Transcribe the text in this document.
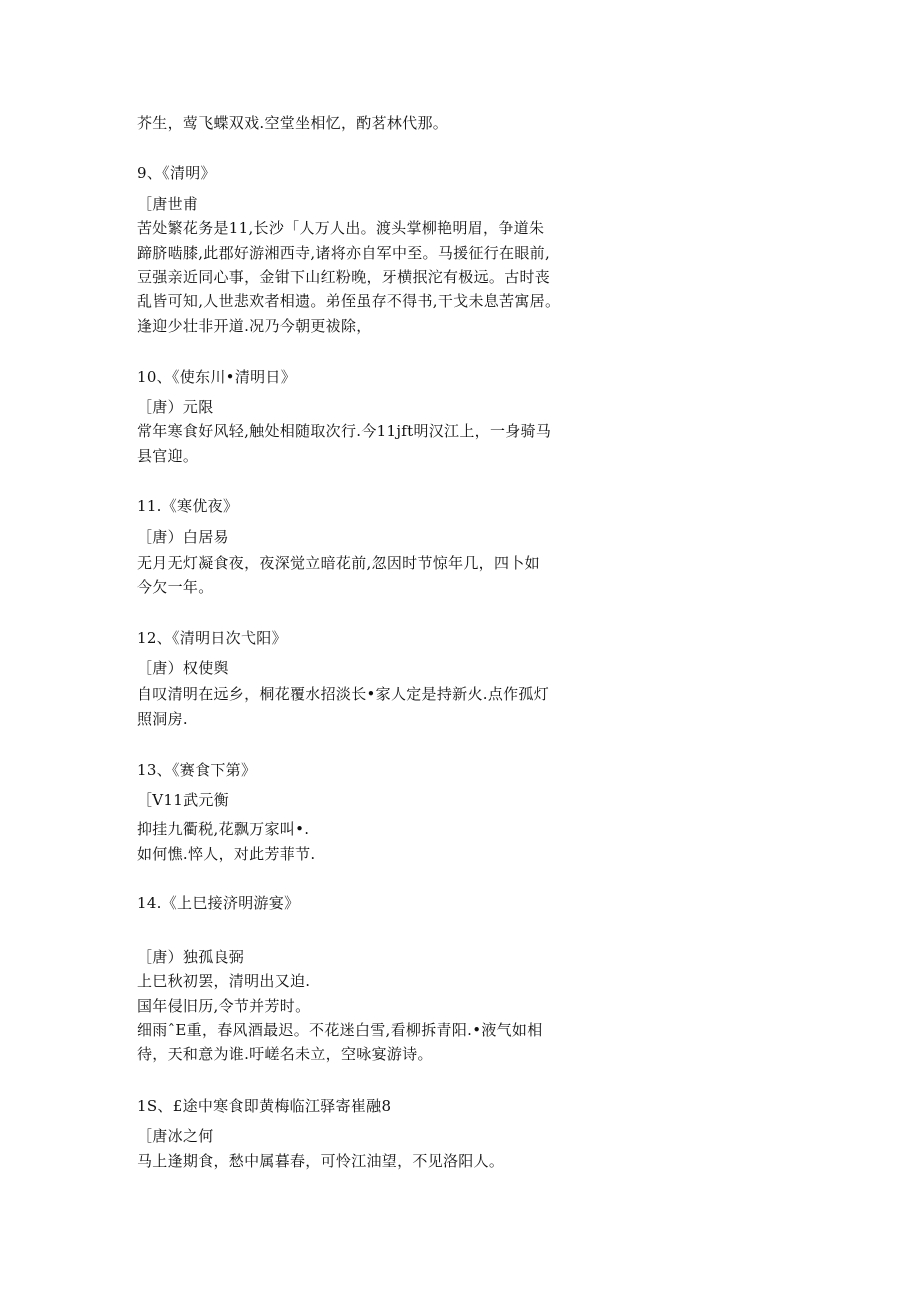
芥生，莺飞蝶双戏.空堂坐相忆，酌茗林代那。
9、《清明》
［唐世甫
苦处繁花务是11,长沙「人万人出。渡头掌柳艳明眉，争道朱
蹄脐啮膝,此郡好游湘西寺,诸将亦自军中至。马援征行在眼前,
豆强亲近同心事，金钳下山红粉晚，牙横抿沱有极远。古时丧
乱皆可知,人世悲欢者相遗。弟侄虽存不得书,干戈未息苦寓居。
逢迎少壮非开道.况乃今朝更祓除，
10、《使东川•清明日》
［唐）元限
常年寒食好风轻,触处相随取次行.今11jft明汉江上，一身骑马
县官迎。
11.《寒优夜》
［唐）白居易
无月无灯凝食夜，夜深觉立暗花前,忽因时节惊年几，四卜如
今欠一年。
12、《清明日次弋阳》
［唐）权使舆
自叹清明在远乡，桐花覆水招淡长•家人定是持新火.点作孤灯
照洞房.
13、《赛食下第》
［V11武元衡
抑挂九衢税,花飘万家叫•.
如何憔.悴人，对此芳菲节.
14.《上巳接济明游宴》
［唐）独孤良弼
上巳秋初罢，清明出又迫.
国年侵旧历,令节并芳时。
细雨ˆE重，春风酒最迟。不花迷白雪,看柳拆青阳.•液气如相
待，天和意为谁.吁嵯名未立，空咏宴游诗。
1S、£途中寒食即黄梅临江驿寄崔融8
［唐冰之何
马上逢期食，愁中属暮春，可怜江油望，不见洛阳人。
